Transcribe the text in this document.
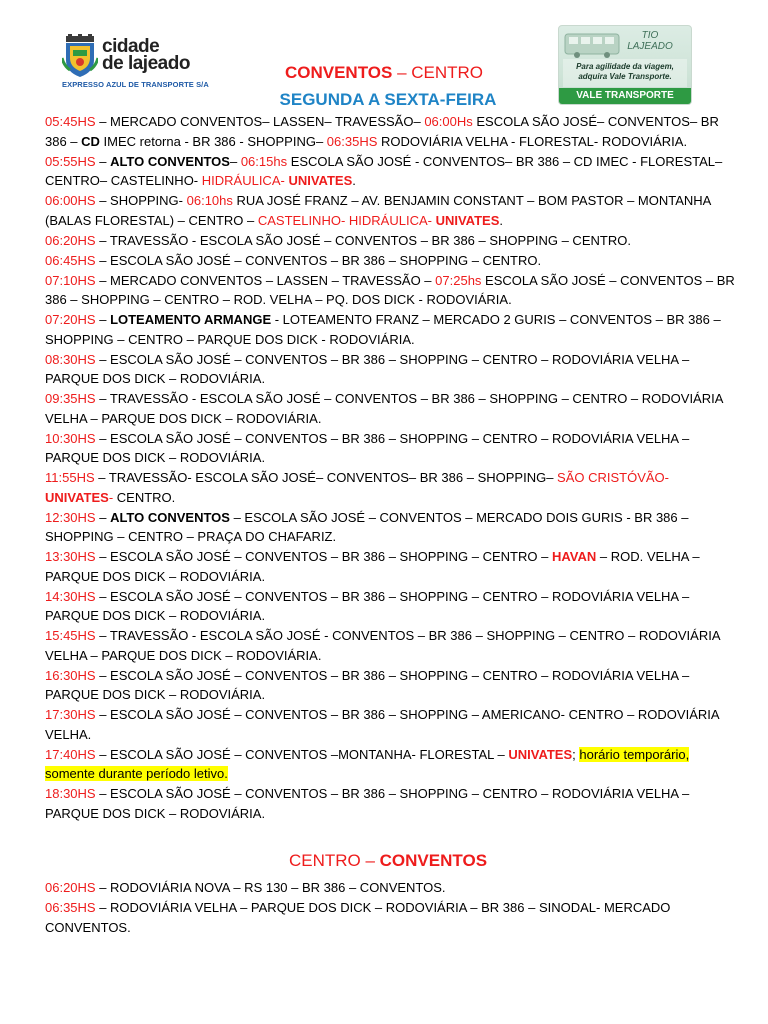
cidade
de lajeado
EXPRESSO AZUL DE TRANSPORTE S/A
TIO
LAJEADO
Para agilidade da viagem,
adquira Vale Transporte.
VALE TRANSPORTE
CONVENTOS – CENTRO
SEGUNDA A SEXTA-FEIRA
05:45HS – MERCADO CONVENTOS– LASSEN– TRAVESSÃO– 06:00Hs ESCOLA SÃO JOSÉ– CONVENTOS– BR 386 – CD IMEC retorna - BR 386 - SHOPPING– 06:35HS RODOVIÁRIA VELHA - FLORESTAL- RODOVIÁRIA.
05:55HS – ALTO CONVENTOS– 06:15hs ESCOLA SÃO JOSÉ - CONVENTOS– BR 386 – CD IMEC - FLORESTAL– CENTRO– CASTELINHO- HIDRÁULICA- UNIVATES.
06:00HS – SHOPPING- 06:10hs RUA JOSÉ FRANZ – AV. BENJAMIN CONSTANT – BOM PASTOR – MONTANHA (BALAS FLORESTAL) – CENTRO – CASTELINHO- HIDRÁULICA- UNIVATES.
06:20HS – TRAVESSÃO - ESCOLA SÃO JOSÉ – CONVENTOS – BR 386 – SHOPPING – CENTRO.
06:45HS – ESCOLA SÃO JOSÉ – CONVENTOS – BR 386 – SHOPPING – CENTRO.
07:10HS – MERCADO CONVENTOS – LASSEN – TRAVESSÃO – 07:25hs ESCOLA SÃO JOSÉ – CONVENTOS – BR 386 – SHOPPING – CENTRO – ROD. VELHA – PQ. DOS DICK - RODOVIÁRIA.
07:20HS – LOTEAMENTO ARMANGE - LOTEAMENTO FRANZ – MERCADO 2 GURIS – CONVENTOS – BR 386 – SHOPPING – CENTRO – PARQUE DOS DICK - RODOVIÁRIA.
08:30HS – ESCOLA SÃO JOSÉ – CONVENTOS – BR 386 – SHOPPING – CENTRO – RODOVIÁRIA VELHA – PARQUE DOS DICK – RODOVIÁRIA.
09:35HS – TRAVESSÃO - ESCOLA SÃO JOSÉ – CONVENTOS – BR 386 – SHOPPING – CENTRO – RODOVIÁRIA VELHA – PARQUE DOS DICK – RODOVIÁRIA.
10:30HS – ESCOLA SÃO JOSÉ – CONVENTOS – BR 386 – SHOPPING – CENTRO – RODOVIÁRIA VELHA – PARQUE DOS DICK – RODOVIÁRIA.
11:55HS – TRAVESSÃO- ESCOLA SÃO JOSÉ– CONVENTOS– BR 386 – SHOPPING– SÃO CRISTÓVÃO- UNIVATES- CENTRO.
12:30HS – ALTO CONVENTOS – ESCOLA SÃO JOSÉ – CONVENTOS – MERCADO DOIS GURIS - BR 386 – SHOPPING – CENTRO – PRAÇA DO CHAFARIZ.
13:30HS – ESCOLA SÃO JOSÉ – CONVENTOS – BR 386 – SHOPPING – CENTRO – HAVAN – ROD. VELHA – PARQUE DOS DICK – RODOVIÁRIA.
14:30HS – ESCOLA SÃO JOSÉ – CONVENTOS – BR 386 – SHOPPING – CENTRO – RODOVIÁRIA VELHA – PARQUE DOS DICK – RODOVIÁRIA.
15:45HS – TRAVESSÃO - ESCOLA SÃO JOSÉ - CONVENTOS – BR 386 – SHOPPING – CENTRO – RODOVIÁRIA VELHA – PARQUE DOS DICK – RODOVIÁRIA.
16:30HS – ESCOLA SÃO JOSÉ – CONVENTOS – BR 386 – SHOPPING – CENTRO – RODOVIÁRIA VELHA – PARQUE DOS DICK – RODOVIÁRIA.
17:30HS – ESCOLA SÃO JOSÉ – CONVENTOS – BR 386 – SHOPPING – AMERICANO- CENTRO – RODOVIÁRIA VELHA.
17:40HS – ESCOLA SÃO JOSÉ – CONVENTOS –MONTANHA- FLORESTAL – UNIVATES; horário temporário, somente durante período letivo.
18:30HS – ESCOLA SÃO JOSÉ – CONVENTOS – BR 386 – SHOPPING – CENTRO – RODOVIÁRIA VELHA – PARQUE DOS DICK – RODOVIÁRIA.
CENTRO – CONVENTOS
06:20HS – RODOVIÁRIA NOVA – RS 130 – BR 386 – CONVENTOS.
06:35HS – RODOVIÁRIA VELHA – PARQUE DOS DICK – RODOVIÁRIA – BR 386 – SINODAL- MERCADO CONVENTOS.
